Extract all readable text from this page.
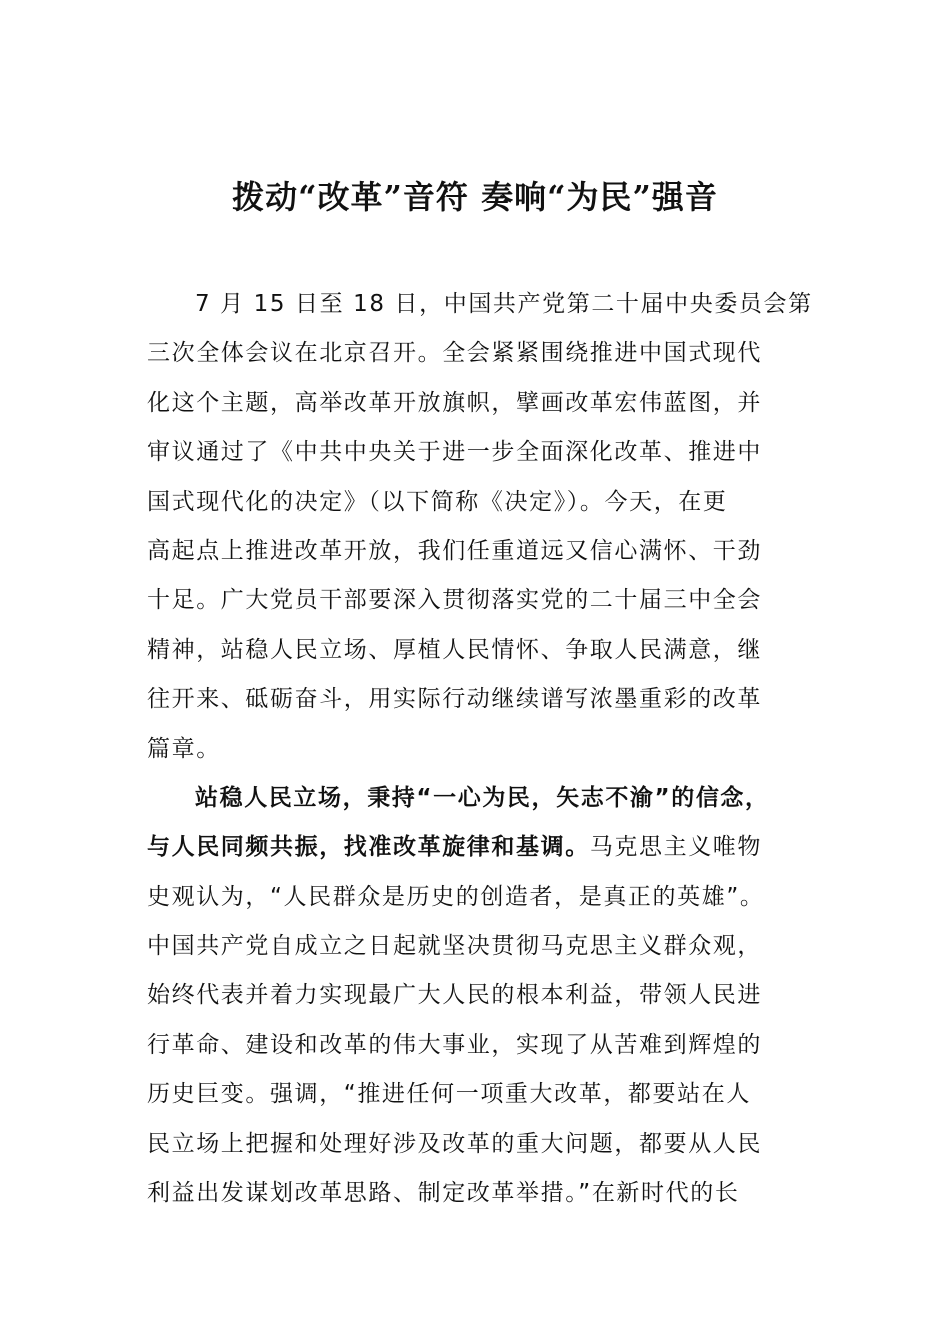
拨动“改革”音符 奏响“为民”强音
7 月 15 日至 18 日，中国共产党第二十届中央委员会第
三次全体会议在北京召开。全会紧紧围绕推进中国式现代
化这个主题，高举改革开放旗帜，擘画改革宏伟蓝图，并
审议通过了《中共中央关于进一步全面深化改革、推进中
国式现代化的决定》（以下简称《决定》）。今天，在更
高起点上推进改革开放，我们任重道远又信心满怀、干劲
十足。广大党员干部要深入贯彻落实党的二十届三中全会
精神，站稳人民立场、厚植人民情怀、争取人民满意，继
往开来、砥砺奋斗，用实际行动继续谱写浓墨重彩的改革
篇章。
站稳人民立场，秉持“一心为民，矢志不渝”的信念，
与人民同频共振，找准改革旋律和基调。马克思主义唯物
史观认为，“人民群众是历史的创造者，是真正的英雄”。
中国共产党自成立之日起就坚决贯彻马克思主义群众观，
始终代表并着力实现最广大人民的根本利益，带领人民进
行革命、建设和改革的伟大事业，实现了从苦难到辉煌的
历史巨变。强调，“推进任何一项重大改革，都要站在人
民立场上把握和处理好涉及改革的重大问题，都要从人民
利益出发谋划改革思路、制定改革举措。”在新时代的长
